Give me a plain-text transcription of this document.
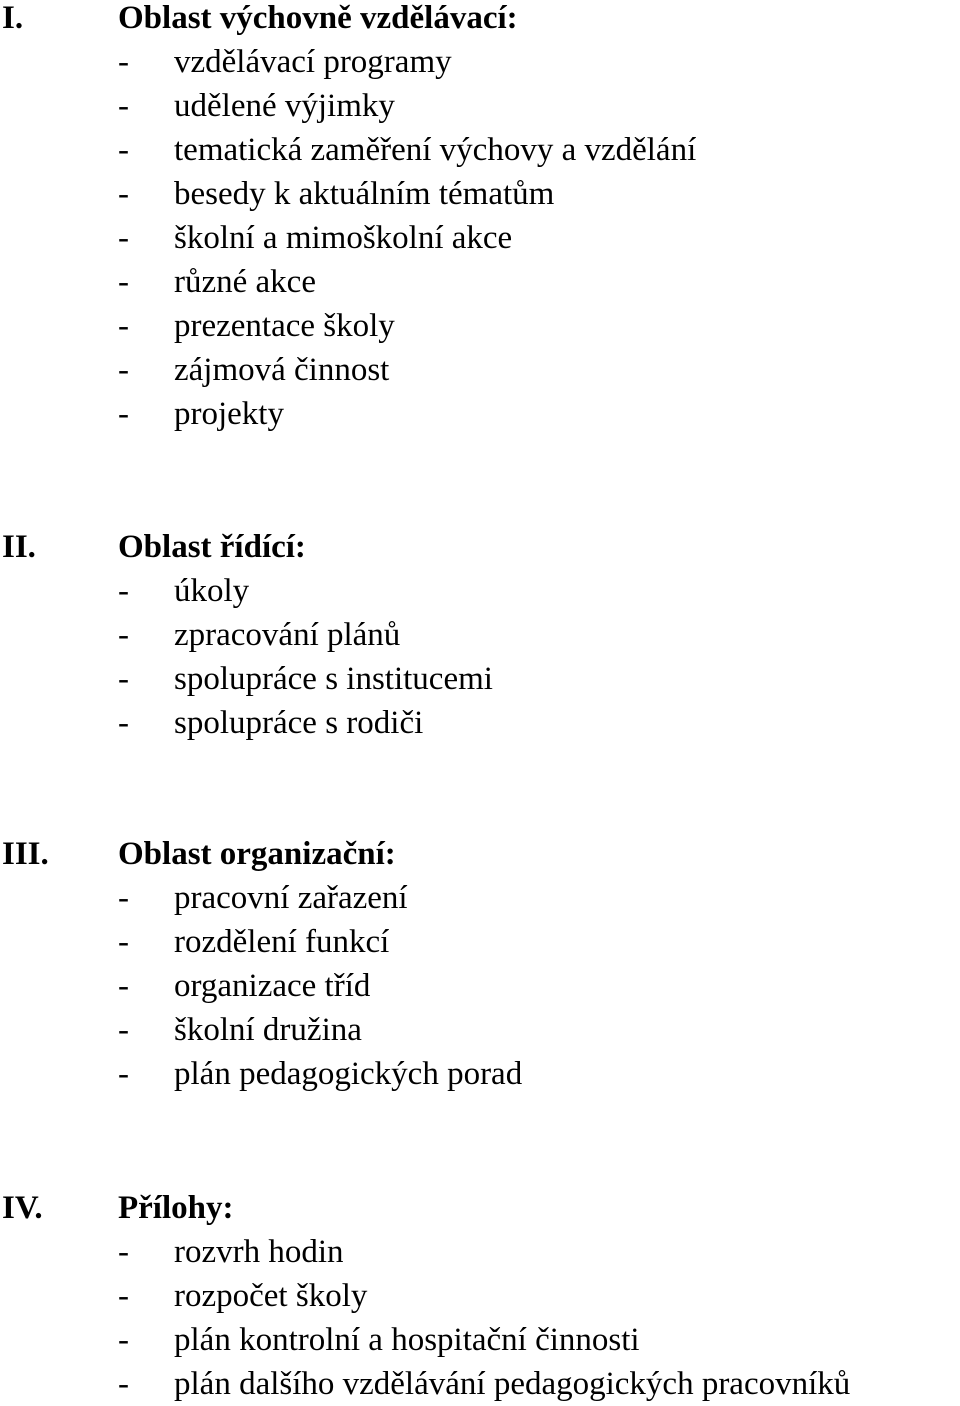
I.	Oblast výchovně vzdělávací:
- vzdělávací programy
- udělené výjimky
- tematická zaměření výchovy a vzdělání
- besedy k aktuálním tématům
- školní a mimoškolní akce
- různé akce
- prezentace školy
- zájmová činnost
- projekty
II. Oblast řídící:
- úkoly
- zpracování plánů
- spolupráce s institucemi
- spolupráce s rodiči
III. Oblast organizační:
- pracovní zařazení
- rozdělení funkcí
- organizace tříd
- školní družina
- plán pedagogických porad
IV. Přílohy:
- rozvrh hodin
- rozpočet školy
- plán kontrolní a hospitační činnosti
- plán dalšího vzdělávání pedagogických pracovníků
